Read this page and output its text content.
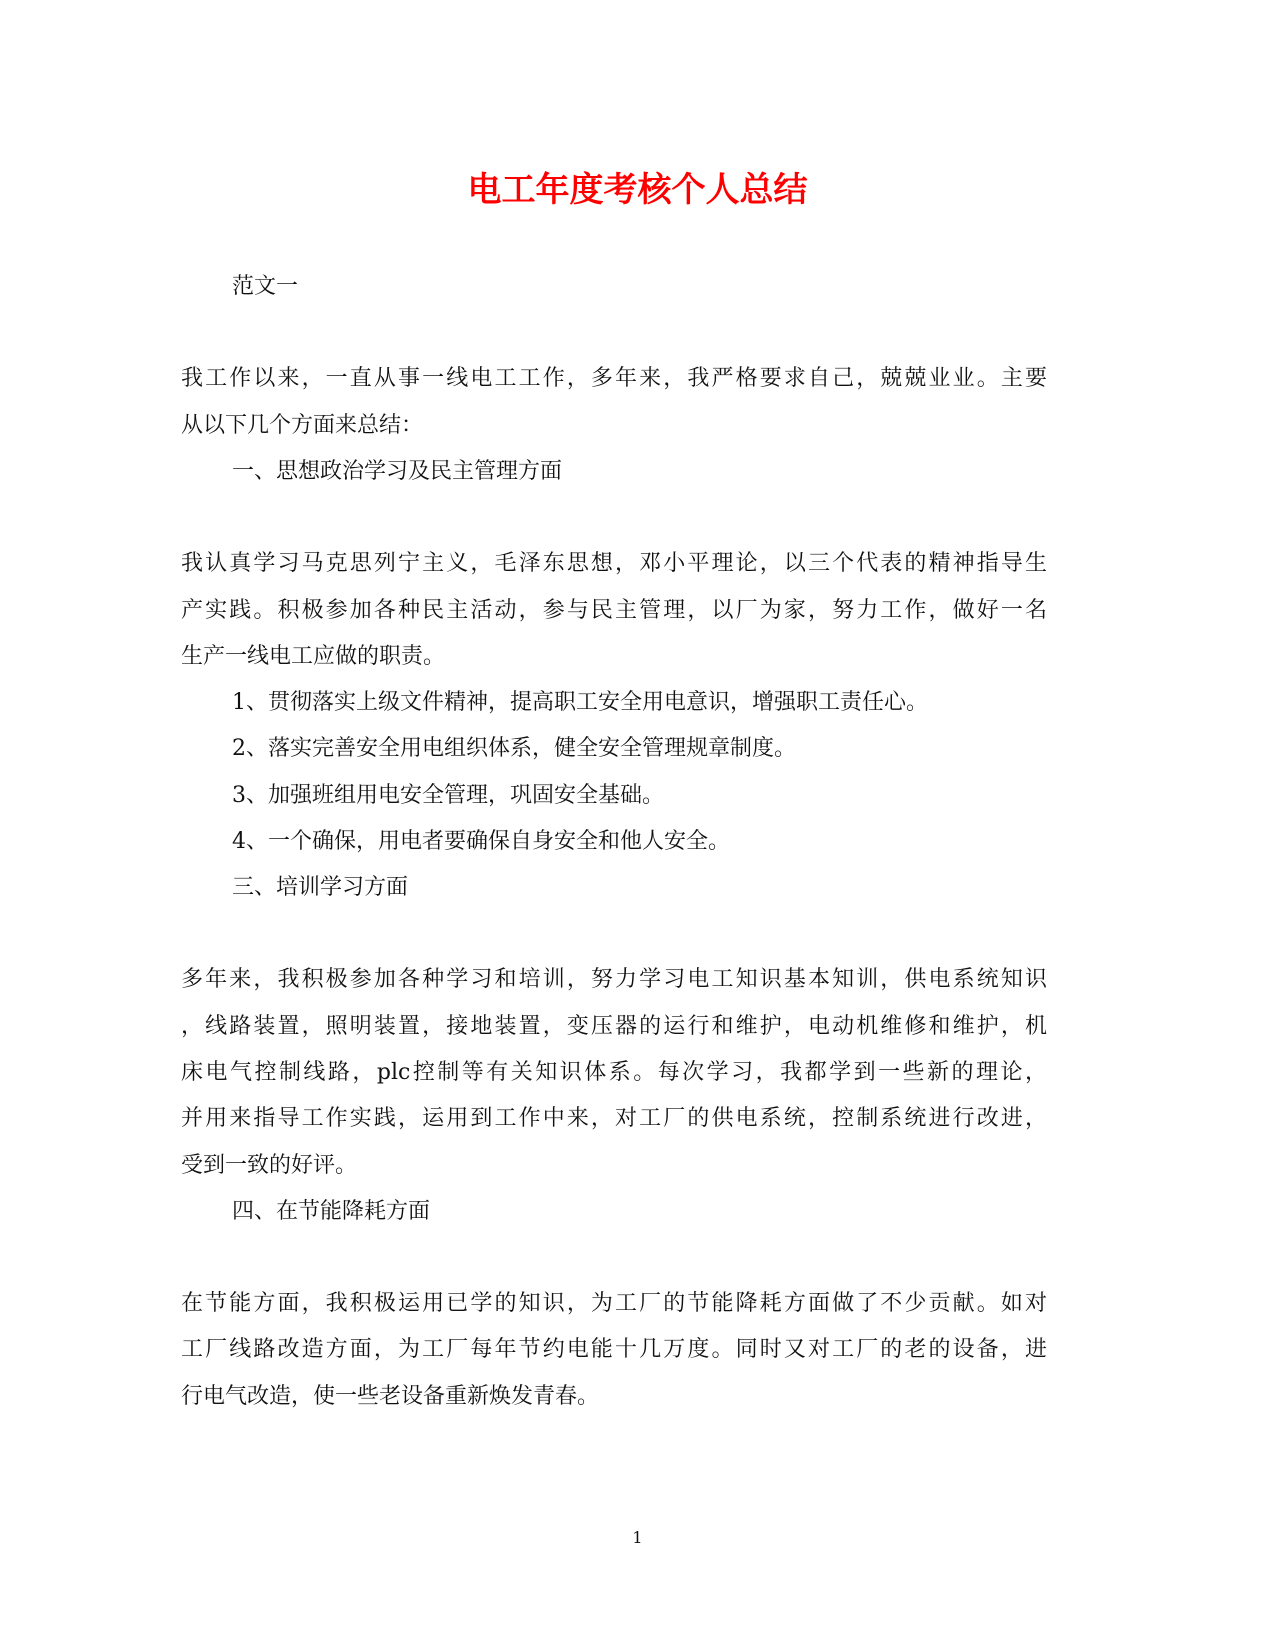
电工年度考核个人总结
范文一
我工作以来，一直从事一线电工工作，多年来，我严格要求自己，兢兢业业。主要
从以下几个方面来总结：
一、思想政治学习及民主管理方面
我认真学习马克思列宁主义，毛泽东思想，邓小平理论，以三个代表的精神指导生
产实践。积极参加各种民主活动，参与民主管理，以厂为家，努力工作，做好一名
生产一线电工应做的职责。
1、贯彻落实上级文件精神，提高职工安全用电意识，增强职工责任心。
2、落实完善安全用电组织体系，健全安全管理规章制度。
3、加强班组用电安全管理，巩固安全基础。
4、一个确保，用电者要确保自身安全和他人安全。
三、培训学习方面
多年来，我积极参加各种学习和培训，努力学习电工知识基本知训，供电系统知识
，线路装置，照明装置，接地装置，变压器的运行和维护，电动机维修和维护，机
床电气控制线路，plc控制等有关知识体系。每次学习，我都学到一些新的理论，
并用来指导工作实践，运用到工作中来，对工厂的供电系统，控制系统进行改进，
受到一致的好评。
四、在节能降耗方面
在节能方面，我积极运用已学的知识，为工厂的节能降耗方面做了不少贡献。如对
工厂线路改造方面，为工厂每年节约电能十几万度。同时又对工厂的老的设备，进
行电气改造，使一些老设备重新焕发青春。
1
